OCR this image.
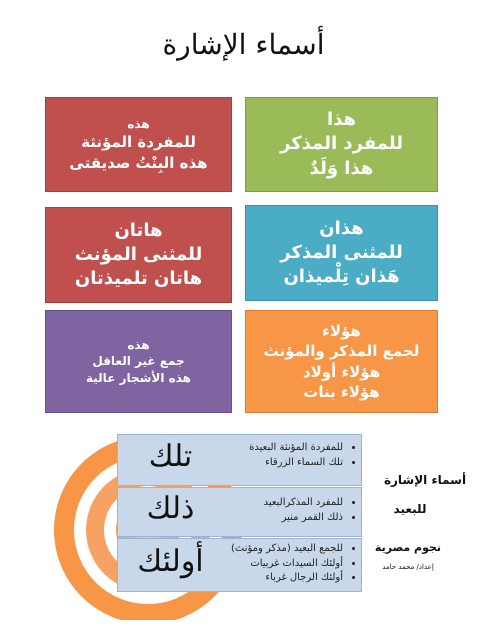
أسماء الإشارة
هذا
للمفرد المذكر
هذا وَلَدٌ
هذان
للمثنى المذكر
هَذان تِلْميذان
هؤلاء
لجمع المذكر والمؤنث
هؤلاء أولاد
هؤلاء بنات
هذه
للمفردة المؤنثة
هذه البِنْتُ صديقتى
هاتان
للمثنى المؤنث
هاتان تلميذتان
هذه
جمع غير العاقل
هذه الأشجار عالية
تلك	• للمفردة المؤنثة البعيدة
• تلك السماء الزرقاء
ذلك	• للمفرد المذكرالبعيد
• ذلك القمر منير
أولئك	• للجمع البعيد (مذكر ومؤنث)
• أولئك السيدات غربيات
• أولئك الرجال غرباء
أسماء الإشارة
للبعيد
نجوم مصرية
إعداد/ محمد حامد
